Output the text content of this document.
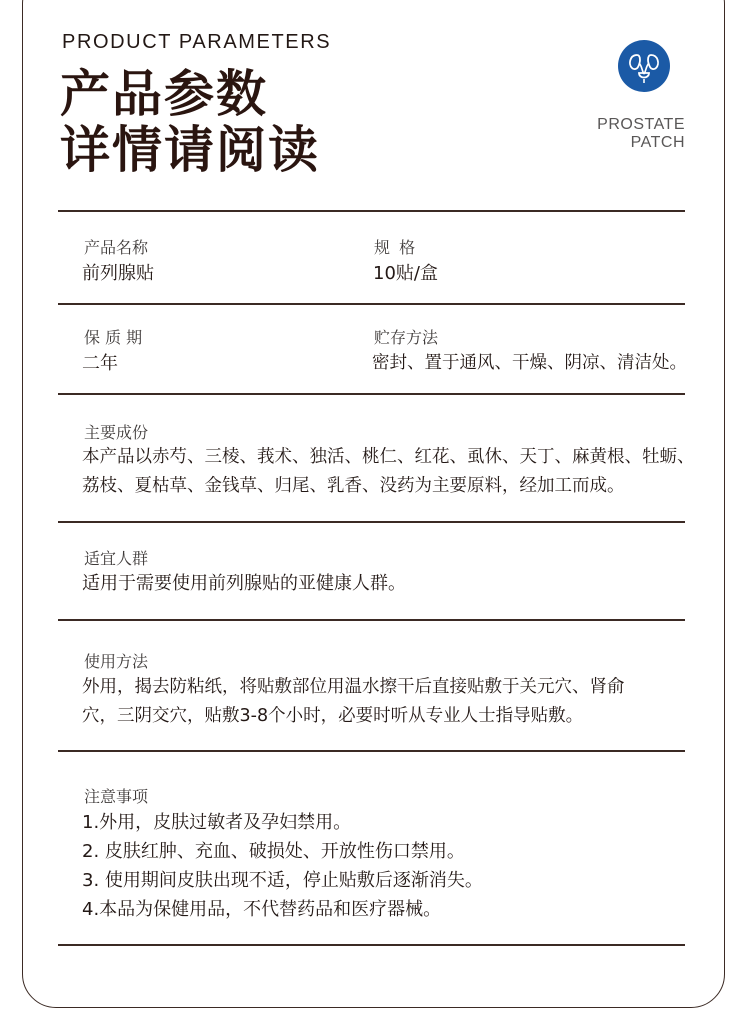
PRODUCT PARAMETERS
产品参数
详情请阅读	PROSTATE
PATCH
产品名称
前列腺贴
规 格
10贴/盒
保 质 期
二年
贮存方法
密封、置于通风、干燥、阴凉、清洁处。
主要成份
本产品以赤芍、三棱、莪术、独活、桃仁、红花、虱休、天丁、麻黄根、牡蛎、
荔枝、夏枯草、金钱草、归尾、乳香、没药为主要原料，经加工而成。
适宜人群
适用于需要使用前列腺贴的亚健康人群。
使用方法
外用，揭去防粘纸，将贴敷部位用温水擦干后直接贴敷于关元穴、肾俞
穴，三阴交穴，贴敷3-8个小时，必要时听从专业人士指导贴敷。
注意事项
1.外用，皮肤过敏者及孕妇禁用。
2. 皮肤红肿、充血、破损处、开放性伤口禁用。
3. 使用期间皮肤出现不适，停止贴敷后逐渐消失。
4.本品为保健用品，不代替药品和医疗器械。
